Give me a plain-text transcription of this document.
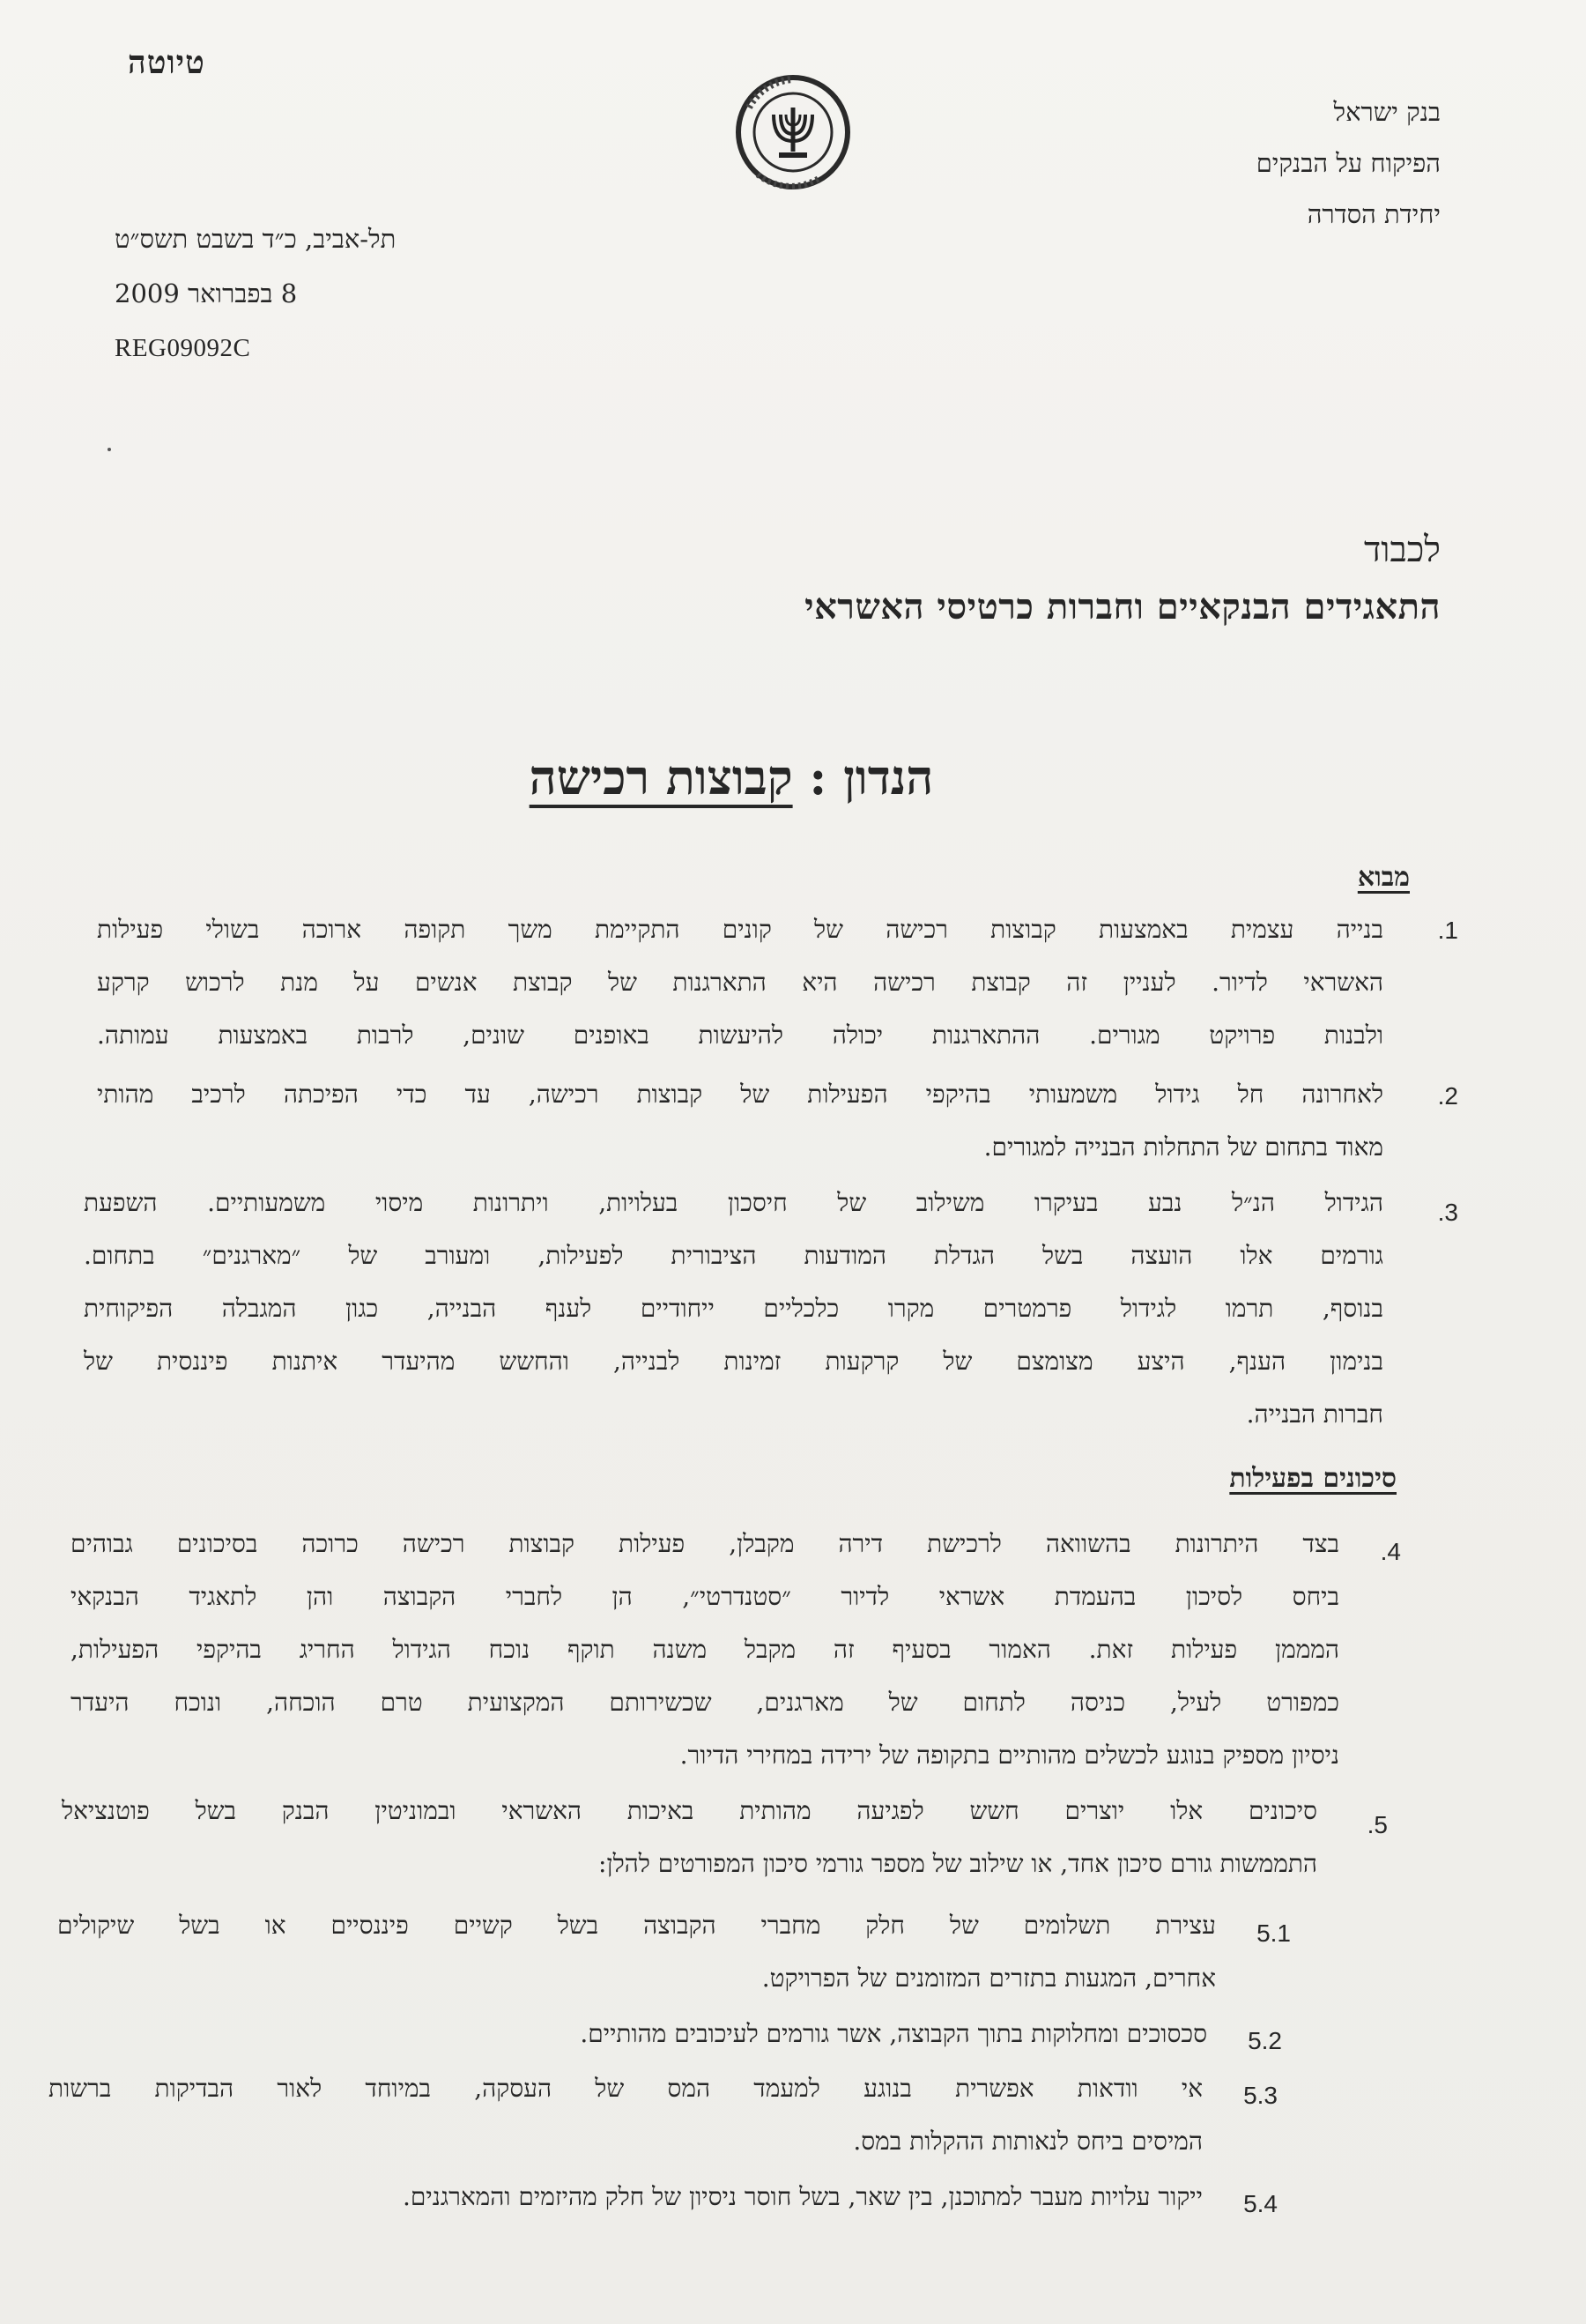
טיוטה
בנק ישראל
הפיקוח על הבנקים
יחידת הסדרה
תל-אביב, כ״ד בשבט תשס״ט
8 בפברואר 2009
REG09092C
לכבוד
התאגידים הבנקאיים וחברות כרטיסי האשראי
הנדון : קבוצות רכישה
מבוא
.1
בנייה עצמית באמצעות קבוצות רכישה של קונים התקיימת משך תקופה ארוכה בשולי פעילות
האשראי לדיור. לעניין זה קבוצת רכישה היא התארגנות של קבוצת אנשים על מנת לרכוש קרקע
ולבנות פרויקט מגורים. ההתארגנות יכולה להיעשות באופנים שונים, לרבות באמצעות עמותה.
.2
לאחרונה חל גידול משמעותי בהיקפי הפעילות של קבוצות רכישה, עד כדי הפיכתה לרכיב מהותי
מאוד בתחום של התחלות הבנייה למגורים.
.3
הגידול הנ״ל נבע בעיקרו משילוב של חיסכון בעלויות, ויתרונות מיסוי משמעותיים. השפעת
גורמים אלו הועצה בשל הגדלת המודעות הציבורית לפעילות, ומעורב של ״מארגנים״ בתחום.
בנוסף, תרמו לגידול פרמטרים מקרו כלכליים ייחודיים לענף הבנייה, כגון המגבלה הפיקוחית
בנימון הענף, היצע מצומצם של קרקעות זמינות לבנייה, והחשש מהיעדר איתנות פיננסית של
חברות הבנייה.
סיכונים בפעילות
.4
בצד היתרונות בהשוואה לרכישת דירה מקבלן, פעילות קבוצות רכישה כרוכה בסיכונים גבוהים
ביחס לסיכון בהעמדת אשראי לדיור ״סטנדרטי״, הן לחברי הקבוצה והן לתאגיד הבנקאי
המממן פעילות זאת. האמור בסעיף זה מקבל משנה תוקף נוכח הגידול החריג בהיקפי הפעילות,
כמפורט לעיל, כניסה לתחום של מארגנים, שכשירותם המקצועית טרם הוכחה, ונוכח היעדר
ניסיון מספיק בנוגע לכשלים מהותיים בתקופה של ירידה במחירי הדיור.
.5
סיכונים אלו יוצרים חשש לפגיעה מהותית באיכות האשראי ובמוניטין הבנק בשל פוטנציאל
התממשות גורם סיכון אחד, או שילוב של מספר גורמי סיכון המפורטים להלן:
5.1
עצירת תשלומים של חלק מחברי הקבוצה בשל קשיים פיננסיים או בשל שיקולים
אחרים, המגעות בתזרים המזומנים של הפרויקט.
5.2
סכסוכים ומחלוקות בתוך הקבוצה, אשר גורמים לעיכובים מהותיים.
5.3
אי וודאות אפשרית בנוגע למעמד המס של העסקה, במיוחד לאור הבדיקות ברשות
המיסים ביחס לנאותות ההקלות במס.
5.4
ייקור עלויות מעבר למתוכנן, בין שאר, בשל חוסר ניסיון של חלק מהיזמים והמארגנים.
